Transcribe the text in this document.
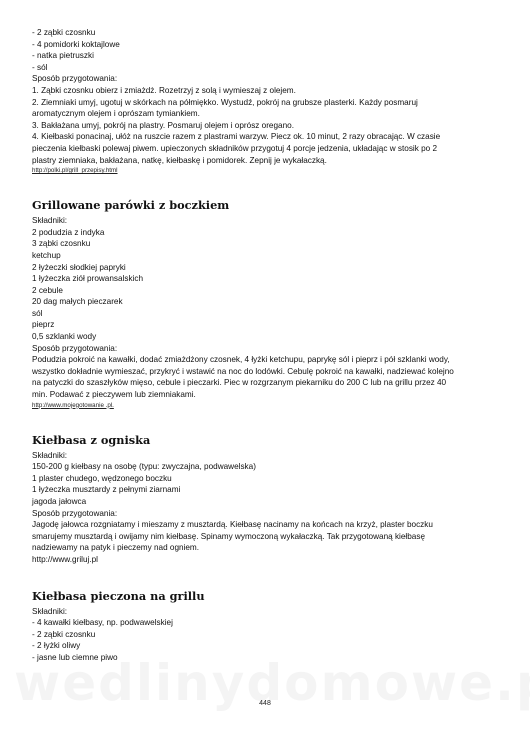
- 2 ząbki czosnku
- 4 pomidorki koktajlowe
- natka pietruszki
- sól
Sposób przygotowania:
1. Ząbki czosnku obierz i zmiażdż. Rozetrzyj z solą i wymieszaj z olejem.
2. Ziemniaki umyj, ugotuj w skórkach na półmiękko. Wystudź, pokrój na grubsze plasterki. Każdy posmaruj
aromatycznym olejem i oprószam tymiankiem.
3. Bakłażana umyj, pokrój na plastry. Posmaruj olejem i oprósz oregano.
4. Kiełbaski ponacinaj, ułóż na ruszcie razem z plastrami warzyw. Piecz ok. 10 minut, 2 razy obracając. W czasie
pieczenia kiełbaski polewaj piwem. upieczonych składników przygotuj 4 porcje jedzenia, układając w stosik po 2
plastry ziemniaka, bakłażana, natkę, kiełbaskę i pomidorek. Zepnij je wykałaczką.
http://polki.pl/grill_przepisy.html
Grillowane parówki z boczkiem
Składniki:
2 podudzia z indyka
3 ząbki czosnku
ketchup
2 łyżeczki słodkiej papryki
1 łyżeczka ziół prowansalskich
2 cebule
20 dag małych pieczarek
sól
pieprz
0,5 szklanki wody
Sposób przygotowania:
Podudzia pokroić na kawałki, dodać zmiażdżony czosnek, 4 łyżki ketchupu, paprykę sól i pieprz i pół szklanki wody,
wszystko dokładnie wymieszać, przykryć i wstawić na noc do lodówki. Cebulę pokroić na kawałki, nadziewać kolejno
na patyczki do szaszłyków mięso, cebule i pieczarki. Piec w rozgrzanym piekarniku do 200 C lub na grillu przez 40
min. Podawać z pieczywem lub ziemniakami.
http://www.mojegotowanie .pl.
Kiełbasa z ogniska
Składniki:
150-200 g kiełbasy na osobę (typu: zwyczajna, podwawelska)
1 plaster chudego, wędzonego boczku
1 łyżeczka musztardy z pełnymi ziarnami
jagoda jałowca
Sposób przygotowania:
Jagodę jałowca rozgniatamy i mieszamy z musztardą. Kiełbasę nacinamy na końcach na krzyż, plaster boczku
smarujemy musztardą i owijamy nim kiełbasę. Spinamy wymoczoną wykałaczką. Tak przygotowaną kiełbasę
nadziewamy na patyk i pieczemy nad ogniem.
http://www.griluj.pl
Kiełbasa pieczona na grillu
Składniki:
- 4 kawałki kiełbasy, np. podwawelskiej
- 2 ząbki czosnku
- 2 łyżki oliwy
- jasne lub ciemne piwo
448
